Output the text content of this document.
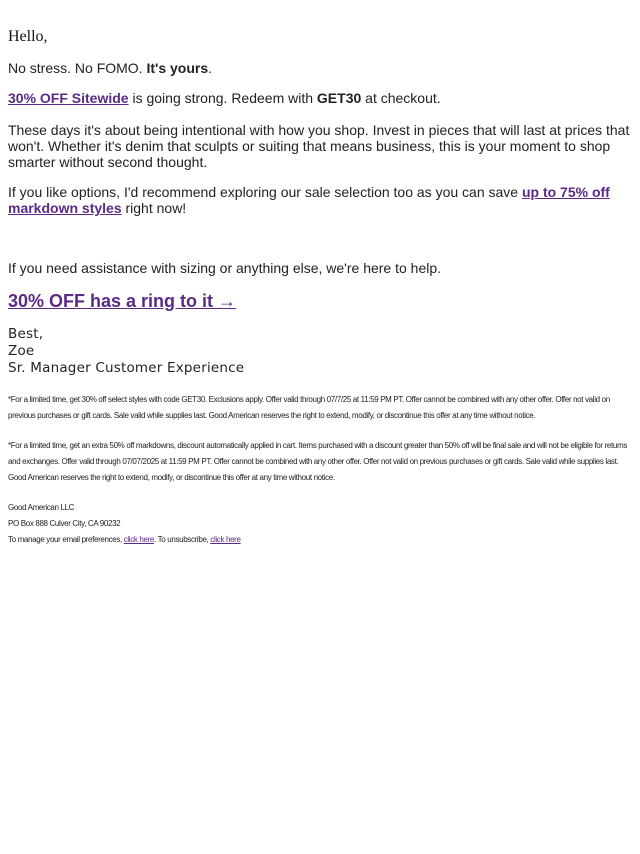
Hello,

No stress. No FOMO. It's yours.

30% OFF Sitewide is going strong. Redeem with GET30 at checkout.

These days it's about being intentional with how you shop. Invest in pieces that will last at prices that won't. Whether it's denim that sculpts or suiting that means business, this is your moment to shop smarter without second thought.

If you like options, I'd recommend exploring our sale selection too as you can save up to 75% off markdown styles right now!

If you need assistance with sizing or anything else, we're here to help.

30% OFF has a ring to it →
Best,
Zoe
Sr. Manager Customer Experience

*For a limited time, get 30% off select styles with code GET30. Exclusions apply. Offer valid through 07/7/25 at 11:59 PM PT. Offer cannot be combined with any other offer. Offer not valid on previous purchases or gift cards. Sale valid while supplies last. Good American reserves the right to extend, modify, or discontinue this offer at any time without notice.

*For a limited time, get an extra 50% off markdowns, discount automatically applied in cart. Items purchased with a discount greater than 50% off will be final sale and will not be eligible for returns and exchanges. Offer valid through 07/07/2025 at 11:59 PM PT. Offer cannot be combined with any other offer. Offer not valid on previous purchases or gift cards. Sale valid while supplies last. Good American reserves the right to extend, modify, or discontinue this offer at any time without notice.

Good American LLC
PO Box 888 Culver City, CA 90232
To manage your email preferences, click here. To unsubscribe, click here
